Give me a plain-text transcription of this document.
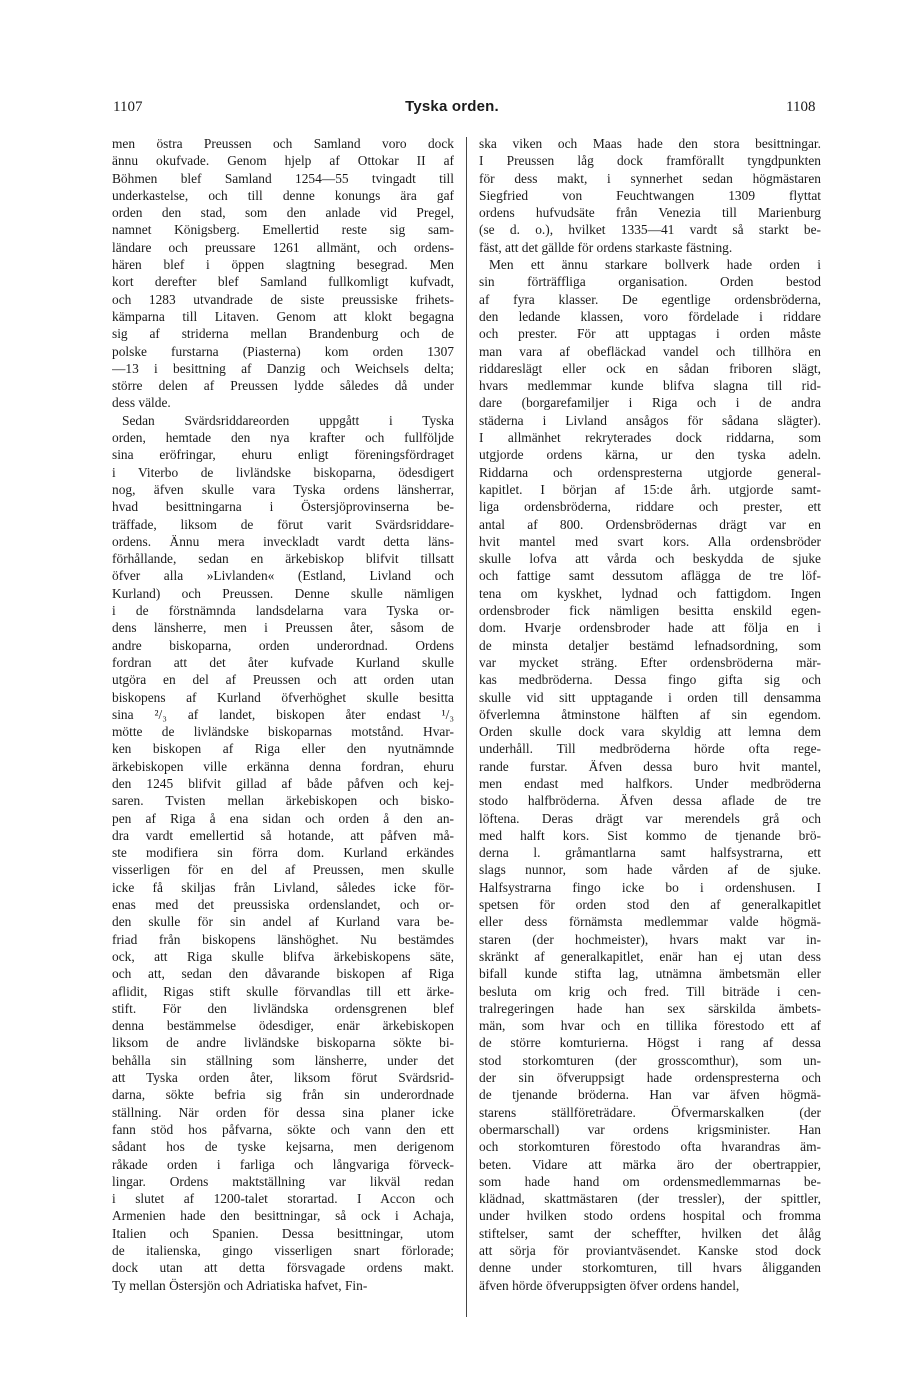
1107	Tyska orden.	1108
men östra Preussen och Samland voro dock
ännu okufvade. Genom hjelp af Ottokar II af
Böhmen blef Samland 1254—55 tvingadt till
underkastelse, och till denne konungs ära gaf
orden den stad, som den anlade vid Pregel,
namnet Königsberg. Emellertid reste sig sam-
ländare och preussare 1261 allmänt, och ordens-
hären blef i öppen slagtning besegrad. Men
kort derefter blef Samland fullkomligt kufvadt,
och 1283 utvandrade de siste preussiske frihets-
kämparna till Litaven. Genom att klokt begagna
sig af striderna mellan Brandenburg och de
polske furstarna (Piasterna) kom orden 1307
—13 i besittning af Danzig och Weichsels delta;
större delen af Preussen lydde således då under
dess välde.
Sedan Svärdsriddareorden uppgått i Tyska
orden, hemtade den nya krafter och fullföljde
sina eröfringar, ehuru enligt föreningsfördraget
i Viterbo de livländske biskoparna, ödesdigert
nog, äfven skulle vara Tyska ordens länsherrar,
hvad besittningarna i Östersjöprovinserna be-
träffade, liksom de förut varit Svärdsriddare-
ordens. Ännu mera inveckladt vardt detta läns-
förhållande, sedan en ärkebiskop blifvit tillsatt
öfver alla »Livlanden« (Estland, Livland och
Kurland) och Preussen. Denne skulle nämligen
i de förstnämnda landsdelarna vara Tyska or-
dens länsherre, men i Preussen åter, såsom de
andre biskoparna, orden underordnad. Ordens
fordran att det åter kufvade Kurland skulle
utgöra en del af Preussen och att orden utan
biskopens af Kurland öfverhöghet skulle besitta
sina ²/₃ af landet, biskopen åter endast ¹/₃
mötte de livländske biskoparnas motstånd. Hvar-
ken biskopen af Riga eller den nyutnämnde
ärkebiskopen ville erkänna denna fordran, ehuru
den 1245 blifvit gillad af både påfven och kej-
saren. Tvisten mellan ärkebiskopen och bisko-
pen af Riga å ena sidan och orden å den an-
dra vardt emellertid så hotande, att påfven må-
ste modifiera sin förra dom. Kurland erkändes
visserligen för en del af Preussen, men skulle
icke få skiljas från Livland, således icke för-
enas med det preussiska ordenslandet, och or-
den skulle för sin andel af Kurland vara be-
friad från biskopens länshöghet. Nu bestämdes
ock, att Riga skulle blifva ärkebiskopens säte,
och att, sedan den dåvarande biskopen af Riga
aflidit, Rigas stift skulle förvandlas till ett ärke-
stift. För den livländska ordensgrenen blef
denna bestämmelse ödesdiger, enär ärkebiskopen
liksom de andre livländske biskoparna sökte bi-
behålla sin ställning som länsherre, under det
att Tyska orden åter, liksom förut Svärdsrid-
darna, sökte befria sig från sin underordnade
ställning. När orden för dessa sina planer icke
fann stöd hos påfvarna, sökte och vann den ett
sådant hos de tyske kejsarna, men derigenom
råkade orden i farliga och långvariga förveck-
lingar. Ordens maktställning var likväl redan
i slutet af 1200-talet storartad. I Accon och
Armenien hade den besittningar, så ock i Achaja,
Italien och Spanien. Dessa besittningar, utom
de italienska, gingo visserligen snart förlorade;
dock utan att detta försvagade ordens makt.
Ty mellan Östersjön och Adriatiska hafvet, Fin-
ska viken och Maas hade den stora besittningar.
I Preussen låg dock framförallt tyngdpunkten
för dess makt, i synnerhet sedan högmästaren
Siegfried von Feuchtwangen 1309 flyttat
ordens hufvudsäte från Venezia till Marienburg
(se d. o.), hvilket 1335—41 vardt så starkt be-
fäst, att det gällde för ordens starkaste fästning.
Men ett ännu starkare bollverk hade orden i
sin förträffliga organisation. Orden bestod
af fyra klasser. De egentlige ordensbröderna,
den ledande klassen, voro fördelade i riddare
och prester. För att upptagas i orden måste
man vara af obefläckad vandel och tillhöra en
riddareslägt eller ock en sådan friboren slägt,
hvars medlemmar kunde blifva slagna till rid-
dare (borgarefamiljer i Riga och i de andra
städerna i Livland ansågos för sådana slägter).
I allmänhet rekryterades dock riddarna, som
utgjorde ordens kärna, ur den tyska adeln.
Riddarna och ordenspresterna utgjorde general-
kapitlet. I början af 15:de årh. utgjorde samt-
liga ordensbröderna, riddare och prester, ett
antal af 800. Ordensbrödernas drägt var en
hvit mantel med svart kors. Alla ordensbröder
skulle lofva att vårda och beskydda de sjuke
och fattige samt dessutom aflägga de tre löf-
tena om kyskhet, lydnad och fattigdom. Ingen
ordensbroder fick nämligen besitta enskild egen-
dom. Hvarje ordensbroder hade att följa en i
de minsta detaljer bestämd lefnadsordning, som
var mycket sträng. Efter ordensbröderna mär-
kas medbröderna. Dessa fingo gifta sig och
skulle vid sitt upptagande i orden till densamma
öfverlemna åtminstone hälften af sin egendom.
Orden skulle dock vara skyldig att lemna dem
underhåll. Till medbröderna hörde ofta rege-
rande furstar. Äfven dessa buro hvit mantel,
men endast med halfkors. Under medbröderna
stodo halfbröderna. Äfven dessa aflade de tre
löftena. Deras drägt var merendels grå och
med halft kors. Sist kommo de tjenande brö-
derna l. gråmantlarna samt halfsystrarna, ett
slags nunnor, som hade vården af de sjuke.
Halfsystrarna fingo icke bo i ordenshusen. I
spetsen för orden stod den af generalkapitlet
eller dess förnämsta medlemmar valde högmä-
staren (der hochmeister), hvars makt var in-
skränkt af generalkapitlet, enär han ej utan dess
bifall kunde stifta lag, utnämna ämbetsmän eller
besluta om krig och fred. Till biträde i cen-
tralregeringen hade han sex särskilda ämbets-
män, som hvar och en tillika förestodo ett af
de större komturierna. Högst i rang af dessa
stod storkomturen (der grosscomthur), som un-
der sin öfveruppsigt hade ordenspresterna och
de tjenande bröderna. Han var äfven högmä-
starens ställföreträdare. Öfvermarskalken (der
obermarschall) var ordens krigsminister. Han
och storkomturen förestodo ofta hvarandras äm-
beten. Vidare att märka äro der obertrappier,
som hade hand om ordensmedlemmarnas be-
klädnad, skattmästaren (der tressler), der spittler,
under hvilken stodo ordens hospital och fromma
stiftelser, samt der scheffter, hvilken det ålåg
att sörja för proviantväsendet. Kanske stod dock
denne under storkomturen, till hvars åligganden
äfven hörde öfveruppsigten öfver ordens handel,
